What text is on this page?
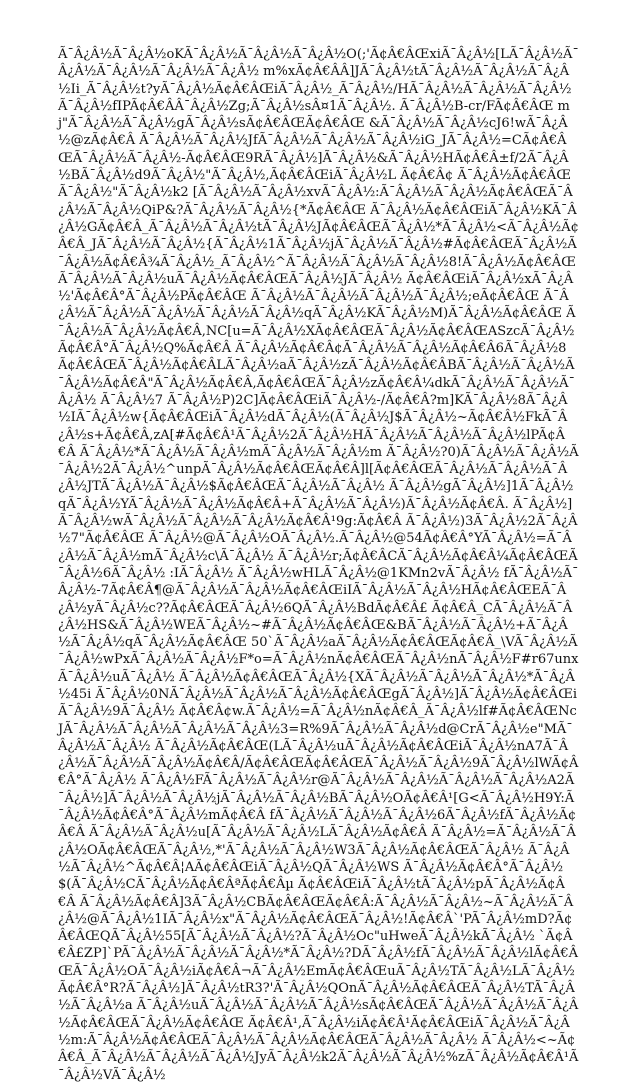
Ã¯Â¿Â½Ã¯Â¿Â½oKÃ¯Â¿Â½Ã¯Â¿Â½Ã¯Â¿Â½O(;'Ã¢Â€ÂŒxiÃ¯Â¿Â½[LÃ¯Â¿Â½Ã¯Â¿Â½Ã¯Â¿Â½Ã¯Â¿Â½Ã¯Â¿Â½ m%xÃ¢Â€ÂÂ]JÃ¯Â¿Â½tÃ¯Â¿Â½Ã¯Â¿Â½Ã¯Â¿Â½Ii_Ã¯Â¿Â½t?yÃ¯Â¿Â½Ã¢Â€ÂŒiÃ¯Â¿Â½_Ã¯Â¿Â½/HÃ¯Â¿Â½Ã¯Â¿Â½Ã¯Â¿Â½ Ã¯Â¿Â½fIPÃ¢Â€ÂÂ¯Â¿Â½Zg;Ã¯Â¿Â½sÂ¤1Ã¯Â¿Â½. Ã¯Â¿Â½B-cr/FÃ¢Â€ÂŒ mj"Ã¯Â¿Â½Ã¯Â¿Â½gÃ¯Â¿Â½sÃ¢Â€ÂŒÃ¢Â€ÂŒ &Ã¯Â¿Â½Ã¯Â¿Â½cJ6!wÃ¯Â¿Â½@zÃ¢Â€Â Ã¯Â¿Â½Ã¯Â¿Â½JfÃ¯Â¿Â½Ã¯Â¿Â½Ã¯Â¿Â½iG_JÃ¯Â¿Â½=CÃ¢Â€ÂŒÃ¯Â¿Â½Ã¯Â¿Â½-Ã¢Â€ÂŒ9RÃ¯Â¿Â½]Ã¯Â¿Â½&Ã¯Â¿Â½HÃ¢Â€Â±f/2Ã¯Â¿Â½BÃ¯Â¿Â½d9Ã¯Â¿Â½"Ã¯Â¿Â½,Ã¢Â€ÂŒiÃ¯Â¿Â½L Ã¢Â€Â¢ Ã¯Â¿Â½Ã¢Â€ÂŒ Ã¯Â¿Â½"Ã¯Â¿Â½k2 [Ã¯Â¿Â½Ã¯Â¿Â½xvÃ¯Â¿Â½:Ã¯Â¿Â½Ã¯Â¿Â½Ã¢Â€ÂŒÃ¯Â¿Â½Ã¯Â¿Â½QiP&?Ã¯Â¿Â½Ã¯Â¿Â½{*Ã¢Â€ÂŒ Ã¯Â¿Â½Ã¢Â€ÂŒiÃ¯Â¿Â½KÃ¯Â¿Â½GÃ¢Â€Â_Ã¯Â¿Â½Ã¯Â¿Â½tÃ¯Â¿Â½JÃ¢Â€ÂŒÃ¯Â¿Â½*Ã¯Â¿Â½<Ã¯Â¿Â½Ã¢Â€Â_JÃ¯Â¿Â½Ã¯Â¿Â½{Ã¯Â¿Â½1Ã¯Â¿Â½jÃ¯Â¿Â½Ã¯Â¿Â½#Ã¢Â€ÂŒÃ¯Â¿Â½Ã¯Â¿Â½Ã¢Â€Â¾Ã¯Â¿Â½_Ã¯Â¿Â½^Ã¯Â¿Â½Ã¯Â¿Â½Ã¯Â¿Â½8!Ã¯Â¿Â½Ã¢Â€ÂŒÃ¯Â¿Â½Ã¯Â¿Â½uÃ¯Â¿Â½Ã¢Â€ÂŒÃ¯Â¿Â½JÃ¯Â¿Â½ Ã¢Â€ÂŒiÃ¯Â¿Â½xÃ¯Â¿Â½'Ã¢Â€Â°Ã¯Â¿Â½PÃ¢Â€ÂŒ Ã¯Â¿Â½Ã¯Â¿Â½Ã¯Â¿Â½Ã¯Â¿Â½;eÃ¢Â€ÂŒ Ã¯Â¿Â½Ã¯Â¿Â½Ã¯Â¿Â½Ã¯Â¿Â½Ã¯Â¿Â½qÃ¯Â¿Â½KÃ¯Â¿Â½M)Ã¯Â¿Â½Ã¢Â€ÂŒ Ã¯Â¿Â½Ã¯Â¿Â½Ã¢Â€Â,NC[u=Ã¯Â¿Â½XÃ¢Â€ÂŒÃ¯Â¿Â½Ã¢Â€ÂŒASzcÃ¯Â¿Â½Ã¢Â€Â°Ã¯Â¿Â½Q%Ã¢Â€Â Ã¯Â¿Â½Ã¢Â€Â¢Ã¯Â¿Â½Ã¯Â¿Â½Ã¢Â€Â6Ã¯Â¿Â½8Ã¢Â€ÂŒÃ¯Â¿Â½Ã¢Â€ÂLÃ¯Â¿Â½aÃ¯Â¿Â½zÃ¯Â¿Â½Ã¢Â€ÂBÃ¯Â¿Â½Ã¯Â¿Â½Ã¯Â¿Â½Ã¢Â€Â"Ã¯Â¿Â½Ã¢Â€Â,Ã¢Â€ÂŒÃ¯Â¿Â½zÃ¢Â€Â¼dkÃ¯Â¿Â½Ã¯Â¿Â½Ã¯Â¿Â½ Ã¯Â¿Â½7 Ã¯Â¿Â½P)2C]Ã¢Â€ÂŒiÃ¯Â¿Â½-/Ã¢Â€Â?m]KÃ¯Â¿Â½8Ã¯Â¿Â½IÃ¯Â¿Â½w{Ã¢Â€ÂŒiÃ¯Â¿Â½dÃ¯Â¿Â½(Ã¯Â¿Â½J$Ã¯Â¿Â½~Ã¢Â€Â½FkÃ¯Â¿Â½s+Ã¢Â€Â,zA[#Ã¢Â€Â¹Ã¯Â¿Â½2Ã¯Â¿Â½HÃ¯Â¿Â½Ã¯Â¿Â½Ã¯Â¿Â½lPÃ¢Â€Â Ã¯Â¿Â½*Ã¯Â¿Â½Ã¯Â¿Â½mÃ¯Â¿Â½Ã¯Â¿Â½m Ã¯Â¿Â½?0)Ã¯Â¿Â½Ã¯Â¿Â½Ã¯Â¿Â½2Ã¯Â¿Â½^unpÃ¯Â¿Â½Ã¢Â€ÂŒÃ¢Â€Â]l[Ã¢Â€ÂŒÃ¯Â¿Â½Ã¯Â¿Â½Ã¯Â¿Â½JTÃ¯Â¿Â½Ã¯Â¿Â½$Ã¢Â€ÂŒÃ¯Â¿Â½Ã¯Â¿Â½ Ã¯Â¿Â½gÃ¯Â¿Â½]1Ã¯Â¿Â½qÃ¯Â¿Â½YÃ¯Â¿Â½Ã¯Â¿Â½Ã¢Â€Â+Ã¯Â¿Â½Ã¯Â¿Â½)Ã¯Â¿Â½Ã¢Â€Â. Ã¯Â¿Â½]Ã¯Â¿Â½wÃ¯Â¿Â½Ã¯Â¿Â½Ã¯Â¿Â½Ã¢Â€Â¹9g:Ã¢Â€Â Ã¯Â¿Â½)3Ã¯Â¿Â½2Ã¯Â¿Â½7"Ã¢Â€ÂŒ Ã¯Â¿Â½@Ã¯Â¿Â½OÃ¯Â¿Â½.Ã¯Â¿Â½@54Ã¢Â€Â°YÃ¯Â¿Â½=Ã¯Â¿Â½Ã¯Â¿Â½mÃ¯Â¿Â½c\Ã¯Â¿Â½ Ã¯Â¿Â½r;Ã¢Â€ÂCÃ¯Â¿Â½Ã¢Â€Â¼Ã¢Â€ÂŒÃ¯Â¿Â½6Ã¯Â¿Â½ :IÃ¯Â¿Â½ Ã¯Â¿Â½wHLÃ¯Â¿Â½@1KMn2vÃ¯Â¿Â½ fÃ¯Â¿Â½Ã¯Â¿Â½-7Ã¢Â€Â¶@Ã¯Â¿Â½Ã¯Â¿Â½Ã¢Â€ÂŒiIÃ¯Â¿Â½Ã¯Â¿Â½HÃ¢Â€ÂŒEÃ¯Â¿Â½yÃ¯Â¿Â½c??Ã¢Â€ÂŒÃ¯Â¿Â½6QÃ¯Â¿Â½BdÃ¢Â€Â£ Ã¢Â€Â_CÃ¯Â¿Â½Ã¯Â¿Â½HS&Ã¯Â¿Â½WEÃ¯Â¿Â½~#Ã¯Â¿Â½Ã¢Â€ÂŒ&BÃ¯Â¿Â½Ã¯Â¿Â½+Ã¯Â¿Â½Ã¯Â¿Â½qÃ¯Â¿Â½Ã¢Â€ÂŒ 50`Ã¯Â¿Â½aÃ¯Â¿Â½Ã¢Â€ÂŒÃ¢Â€Â_\VÃ¯Â¿Â½Ã¯Â¿Â½wPxÃ¯Â¿Â½Ã¯Â¿Â½F*o=Ã¯Â¿Â½nÃ¢Â€ÂŒÃ¯Â¿Â½nÃ¯Â¿Â½F#r67unxÃ¯Â¿Â½uÃ¯Â¿Â½ Ã¯Â¿Â½Ã¢Â€ÂŒÃ¯Â¿Â½{XÃ¯Â¿Â½Ã¯Â¿Â½Ã¯Â¿Â½*Ã¯Â¿Â½45i Ã¯Â¿Â½0NÃ¯Â¿Â½Ã¯Â¿Â½Ã¯Â¿Â½Ã¢Â€ÂŒgÃ¯Â¿Â½]Ã¯Â¿Â½Ã¢Â€ÂŒiÃ¯Â¿Â½9Ã¯Â¿Â½ Ã¢Â€Â¢w.Ã¯Â¿Â½=Ã¯Â¿Â½nÃ¢Â€Â_Ã¯Â¿Â½lf#Ã¢Â€ÂŒNcJÃ¯Â¿Â½Ã¯Â¿Â½Ã¯Â¿Â½Ã¯Â¿Â½3=R%9Ã¯Â¿Â½Ã¯Â¿Â½d@CrÃ¯Â¿Â½e"MÃ¯Â¿Â½Ã¯Â¿Â½ Ã¯Â¿Â½Ã¢Â€ÂŒ(LÃ¯Â¿Â½uÃ¯Â¿Â½Ã¢Â€ÂŒiÃ¯Â¿Â½nA7Ã¯Â¿Â½Ã¯Â¿Â½Ã¯Â¿Â½Ã¢Â€Â/Ã¢Â€ÂŒÃ¢Â€ÂŒÃ¯Â¿Â½Ã¯Â¿Â½9Ã¯Â¿Â½lWÃ¢Â€Â°Ã¯Â¿Â½ Ã¯Â¿Â½FÃ¯Â¿Â½Ã¯Â¿Â½r@Ã¯Â¿Â½Ã¯Â¿Â½Ã¯Â¿Â½Ã¯Â¿Â½A2Ã¯Â¿Â½]Ã¯Â¿Â½Ã¯Â¿Â½jÃ¯Â¿Â½Ã¯Â¿Â½BÃ¯Â¿Â½OÃ¢Â€Â¹[G<Ã¯Â¿Â½H9Y:Ã¯Â¿Â½Ã¢Â€Â°Ã¯Â¿Â½mÃ¢Â€Â fÃ¯Â¿Â½Ã¯Â¿Â½Ã¯Â¿Â½6Ã¯Â¿Â½fÃ¯Â¿Â½Ã¢Â€Â Ã¯Â¿Â½Ã¯Â¿Â½u[Ã¯Â¿Â½Ã¯Â¿Â½LÃ¯Â¿Â½Ã¢Â€Â Ã¯Â¿Â½=Ã¯Â¿Â½Ã¯Â¿Â½OÃ¢Â€ÂŒÃ¯Â¿Â½,*'Ã¯Â¿Â½Ã¯Â¿Â½W3Ã¯Â¿Â½Ã¢Â€ÂŒÃ¯Â¿Â½ Ã¯Â¿Â½Ã¯Â¿Â½^Ã¢Â€Â¦AÃ¢Â€ÂŒiÃ¯Â¿Â½QÃ¯Â¿Â½WS Ã¯Â¿Â½Ã¢Â€Â°Ã¯Â¿Â½$(Ã¯Â¿Â½CÃ¯Â¿Â½Ã¢Â€ÂªÃ¢Â€Âµ Ã¢Â€ÂŒiÃ¯Â¿Â½tÃ¯Â¿Â½pÃ¯Â¿Â½Ã¢Â€Â Ã¯Â¿Â½Ã¢Â€Â]3Ã¯Â¿Â½CBÃ¢Â€ÂŒÃ¢Â€Â:Ã¯Â¿Â½Ã¯Â¿Â½~Ã¯Â¿Â½Ã¯Â¿Â½@Ã¯Â¿Â½1IÃ¯Â¿Â½x"Ã¯Â¿Â½Ã¢Â€ÂŒÃ¯Â¿Â½!Ã¢Â€Â`'PÃ¯Â¿Â½mD?Ã¢Â€ÂŒQÃ¯Â¿Â½55[Ã¯Â¿Â½Ã¯Â¿Â½?Ã¯Â¿Â½Oc"uHweÃ¯Â¿Â½kÃ¯Â¿Â½ `Ã¢Â€Â£ZP]`PÃ¯Â¿Â½Ã¯Â¿Â½Ã¯Â¿Â½*Ã¯Â¿Â½?DÃ¯Â¿Â½fÃ¯Â¿Â½Ã¯Â¿Â½lÃ¢Â€ÂŒÃ¯Â¿Â½OÃ¯Â¿Â½iÃ¢Â€Â¬Ã¯Â¿Â½EmÃ¢Â€ÂŒuÃ¯Â¿Â½TÃ¯Â¿Â½LÃ¯Â¿Â½Ã¢Â€Â°R?Ã¯Â¿Â½]Ã¯Â¿Â½tR3?'Ã¯Â¿Â½QOnÃ¯Â¿Â½Ã¢Â€ÂŒÃ¯Â¿Â½TÃ¯Â¿Â½Ã¯Â¿Â½a Ã¯Â¿Â½uÃ¯Â¿Â½Ã¯Â¿Â½Ã¯Â¿Â½sÃ¢Â€ÂŒÃ¯Â¿Â½Ã¯Â¿Â½Ã¯Â¿Â½Ã¢Â€ÂŒÃ¯Â¿Â½Ã¢Â€ÂŒ Ã¢Â€Â¹,Ã¯Â¿Â½iÃ¢Â€Â¹Ã¢Â€ÂŒiÃ¯Â¿Â½Ã¯Â¿Â½m:Ã¯Â¿Â½Ã¢Â€ÂŒÃ¯Â¿Â½Ã¯Â¿Â½Ã¢Â€ÂŒÃ¯Â¿Â½Ã¯Â¿Â½ Ã¯Â¿Â½<~Ã¢Â€Â_Ã¯Â¿Â½Ã¯Â¿Â½Ã¯Â¿Â½JyÃ¯Â¿Â½k2Ã¯Â¿Â½Ã¯Â¿Â½%zÃ¯Â¿Â½Ã¢Â€Â¹Ã¯Â¿Â½VÃ¯Â¿Â½
